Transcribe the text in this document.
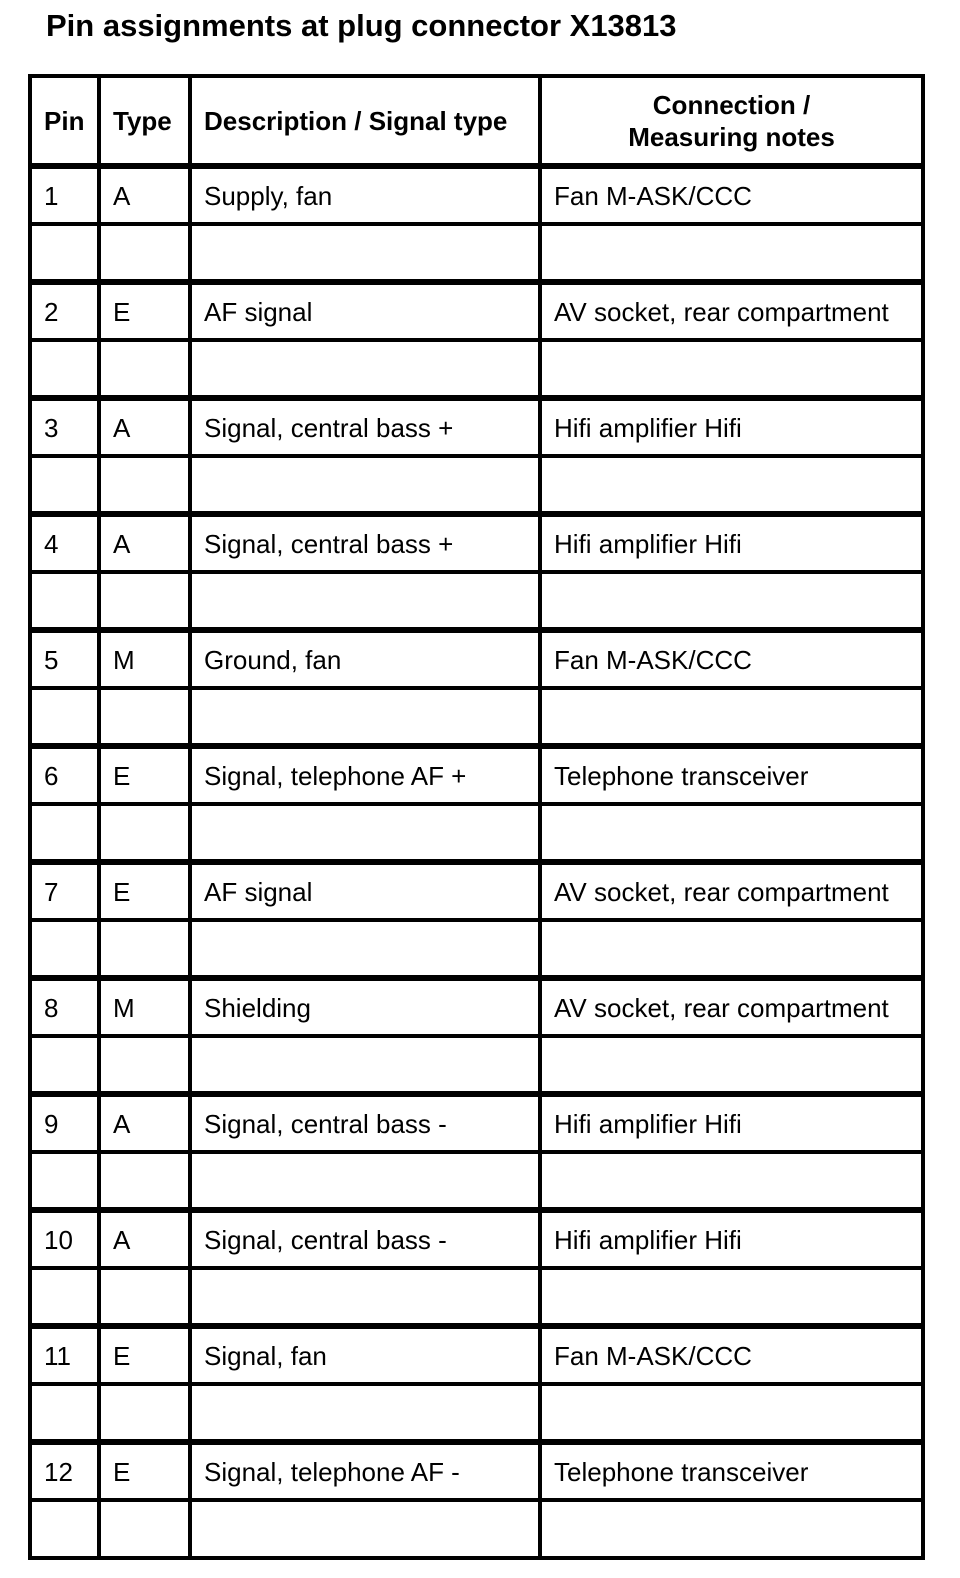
Pin assignments at plug connector X13813
Pin	Type	Description / Signal type	Connection /
Measuring notes
1	A	Supply, fan	Fan M-ASK/CCC

2	E	AF signal	AV socket, rear compartment

3	A	Signal, central bass +	Hifi amplifier Hifi

4	A	Signal, central bass +	Hifi amplifier Hifi

5	M	Ground, fan	Fan M-ASK/CCC

6	E	Signal, telephone AF +	Telephone transceiver

7	E	AF signal	AV socket, rear compartment

8	M	Shielding	AV socket, rear compartment

9	A	Signal, central bass -	Hifi amplifier Hifi

10	A	Signal, central bass -	Hifi amplifier Hifi

11	E	Signal, fan	Fan M-ASK/CCC

12	E	Signal, telephone AF -	Telephone transceiver
